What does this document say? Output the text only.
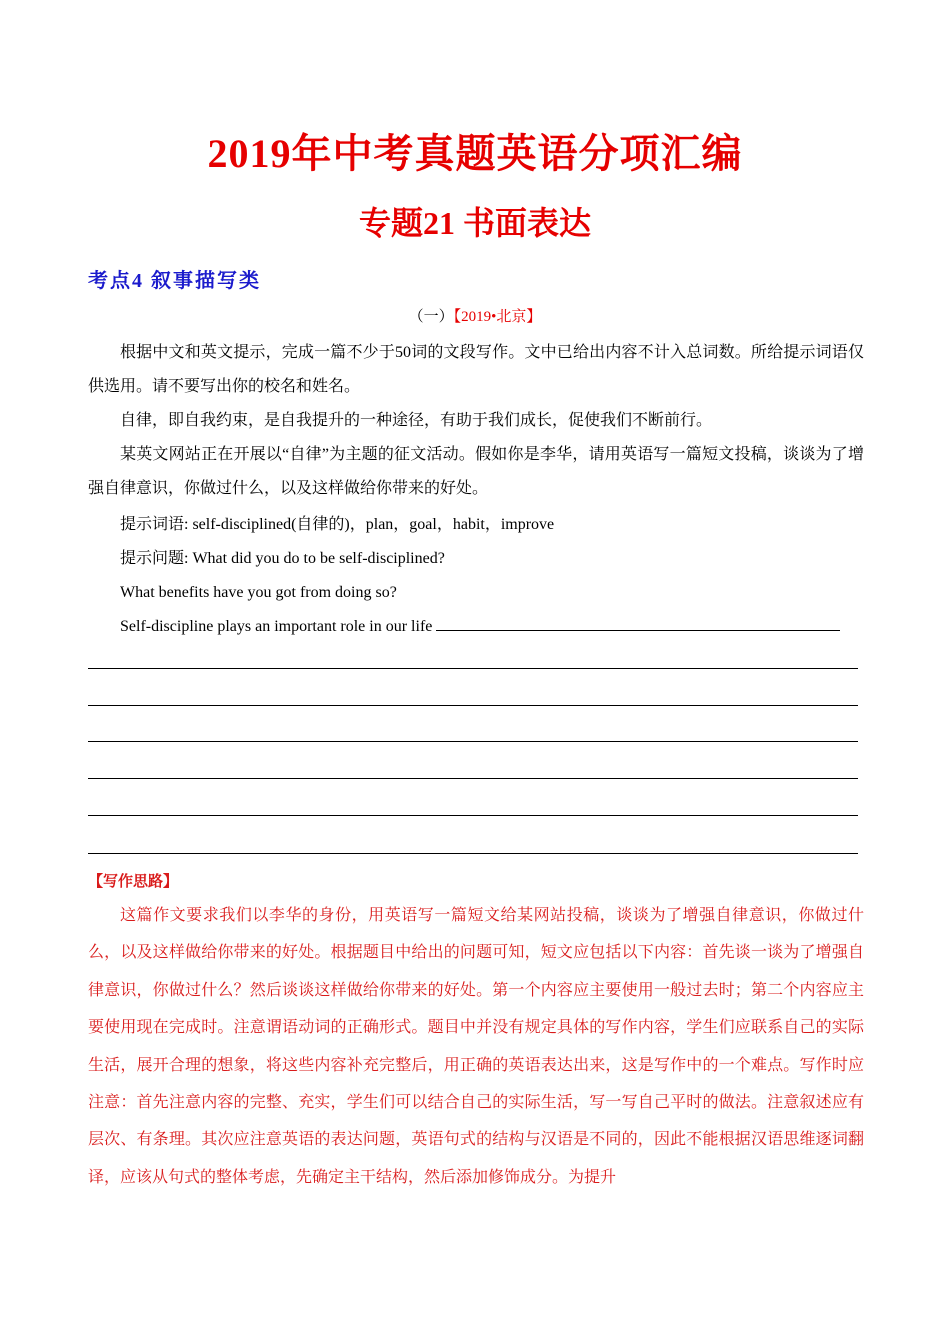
2019年中考真题英语分项汇编
专题21 书面表达
考点4 叙事描写类
（一）【2019•北京】
根据中文和英文提示，完成一篇不少于50词的文段写作。文中已给出内容不计入总词数。所给提示词语仅供选用。请不要写出你的校名和姓名。
自律，即自我约束，是自我提升的一种途径，有助于我们成长，促使我们不断前行。
某英文网站正在开展以“自律”为主题的征文活动。假如你是李华，请用英语写一篇短文投稿，谈谈为了增强自律意识，你做过什么，以及这样做给你带来的好处。
提示词语: self-disciplined(自律的)，plan，goal，habit，improve
提示问题: What did you do to be self-disciplined?
What benefits have you got from doing so?
Self-discipline plays an important role in our life
【写作思路】
这篇作文要求我们以李华的身份，用英语写一篇短文给某网站投稿，谈谈为了增强自律意识，你做过什么，以及这样做给你带来的好处。根据题目中给出的问题可知，短文应包括以下内容：首先谈一谈为了增强自律意识，你做过什么？然后谈谈这样做给你带来的好处。第一个内容应主要使用一般过去时；第二个内容应主要使用现在完成时。注意谓语动词的正确形式。题目中并没有规定具体的写作内容，学生们应联系自己的实际生活，展开合理的想象，将这些内容补充完整后，用正确的英语表达出来，这是写作中的一个难点。写作时应注意：首先注意内容的完整、充实，学生们可以结合自己的实际生活，写一写自己平时的做法。注意叙述应有层次、有条理。其次应注意英语的表达问题，英语句式的结构与汉语是不同的，因此不能根据汉语思维逐词翻译，应该从句式的整体考虑，先确定主干结构，然后添加修饰成分。为提升
